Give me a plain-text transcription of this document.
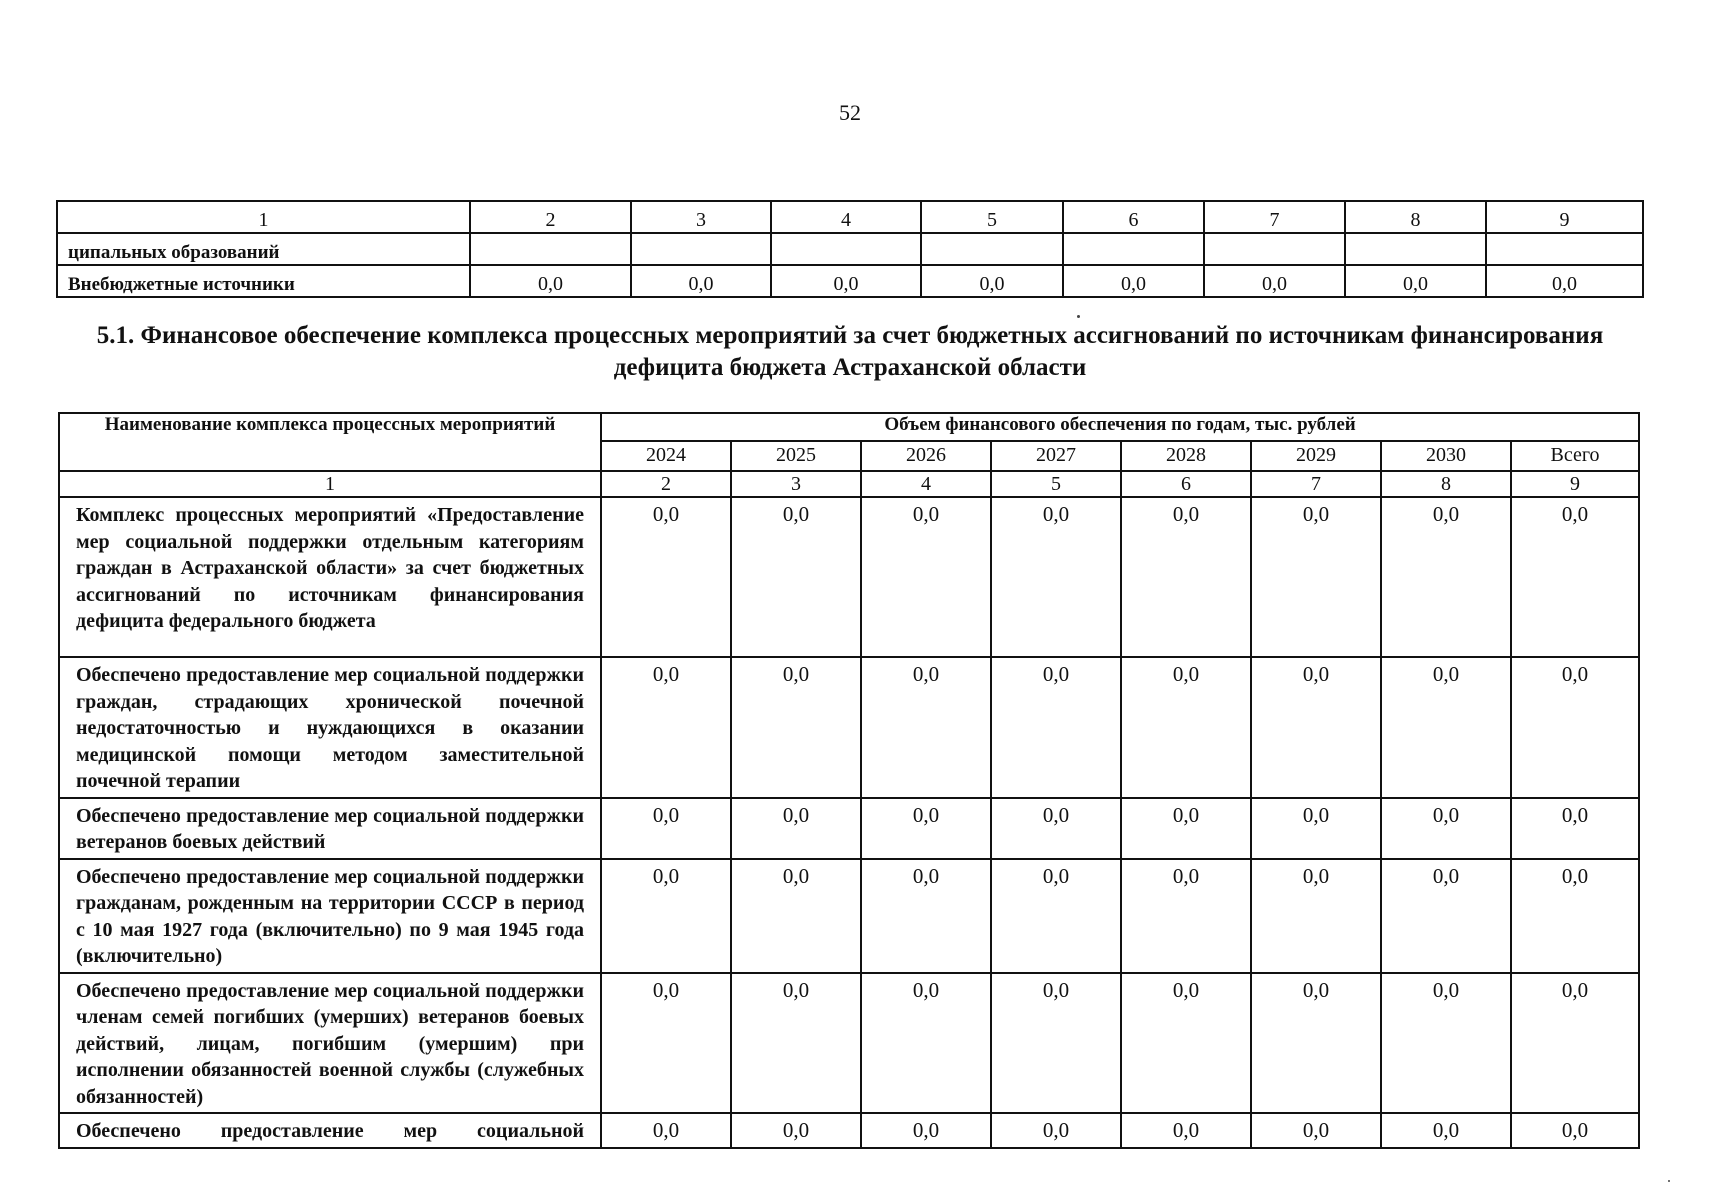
52
1	2	3	4	5	6	7	8	9
ципальных образований								
Внебюджетные источники	0,0	0,0	0,0	0,0	0,0	0,0	0,0	0,0
5.1. Финансовое обеспечение комплекса процессных мероприятий за счет бюджетных ассигнований по источникам финансирования дефицита бюджета Астраханской области
Наименование комплекса процессных мероприятий	Объем финансового обеспечения по годам, тыс. рублей							
	2024	2025	2026	2027	2028	2029	2030	Всего
1	2	3	4	5	6	7	8	9
Комплекс процессных мероприятий «Предоставление мер социальной поддержки отдельным категориям граждан в Астраханской области» за счет бюджетных ассигнований по источникам финансирования дефицита федерального бюджета	0,0	0,0	0,0	0,0	0,0	0,0	0,0	0,0
Обеспечено предоставление мер социальной поддержки граждан, страдающих хронической почечной недостаточностью и нуждающихся в оказании медицинской помощи методом заместительной почечной терапии	0,0	0,0	0,0	0,0	0,0	0,0	0,0	0,0
Обеспечено предоставление мер социальной поддержки ветеранов боевых действий	0,0	0,0	0,0	0,0	0,0	0,0	0,0	0,0
Обеспечено предоставление мер социальной поддержки гражданам, рожденным на территории СССР в период с 10 мая 1927 года (включительно) по 9 мая 1945 года (включительно)	0,0	0,0	0,0	0,0	0,0	0,0	0,0	0,0
Обеспечено предоставление мер социальной поддержки членам семей погибших (умерших) ветеранов боевых действий, лицам, погибшим (умершим) при исполнении обязанностей военной службы (служебных обязанностей)	0,0	0,0	0,0	0,0	0,0	0,0	0,0	0,0
Обеспечено предоставление мер социальной	0,0	0,0	0,0	0,0	0,0	0,0	0,0	0,0
